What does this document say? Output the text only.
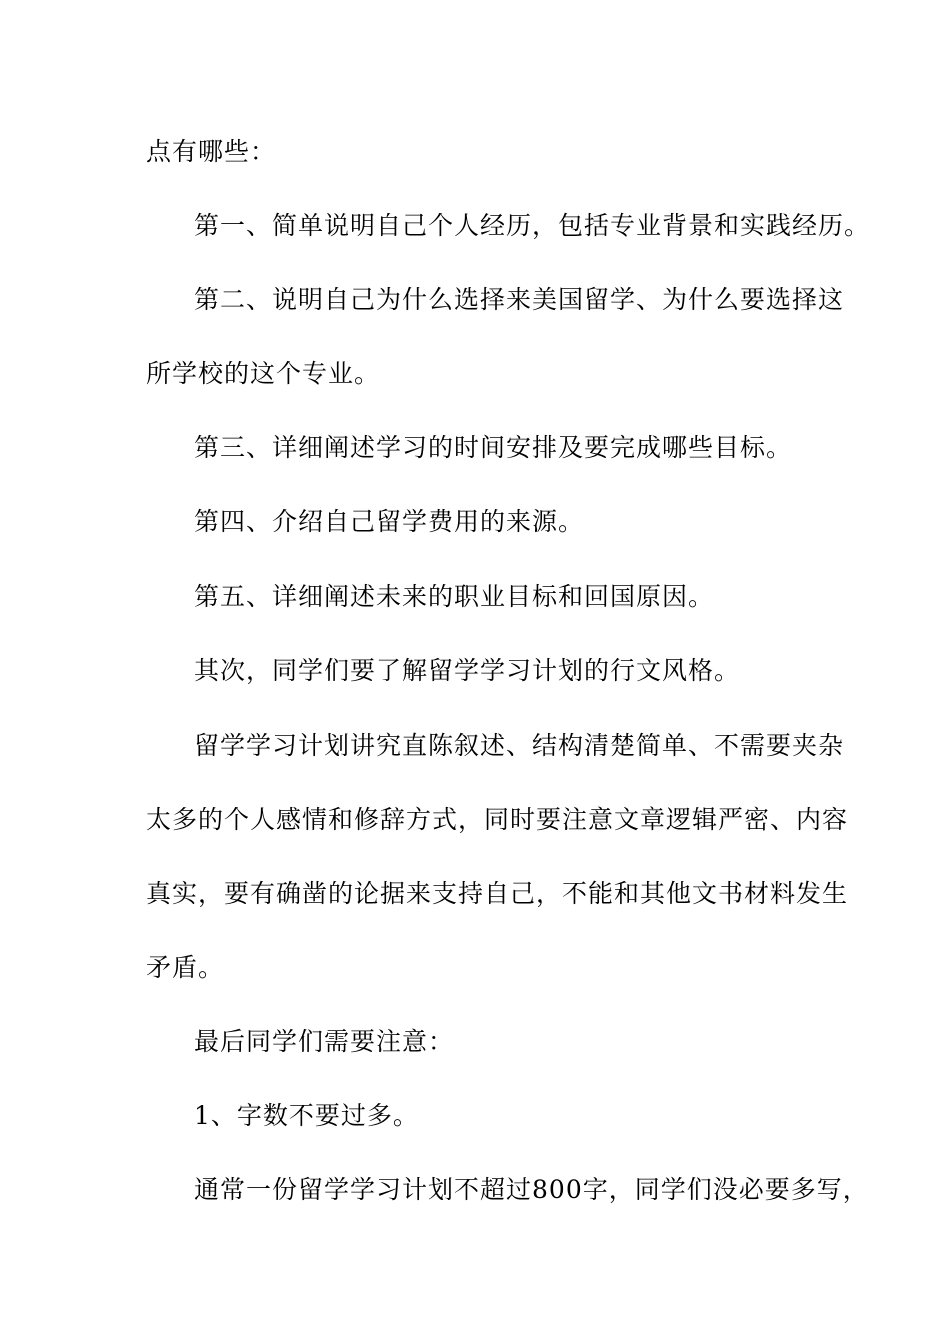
点有哪些：
第一、简单说明自己个人经历，包括专业背景和实践经历。
第二、说明自己为什么选择来美国留学、为什么要选择这
所学校的这个专业。
第三、详细阐述学习的时间安排及要完成哪些目标。
第四、介绍自己留学费用的来源。
第五、详细阐述未来的职业目标和回国原因。
其次，同学们要了解留学学习计划的行文风格。
留学学习计划讲究直陈叙述、结构清楚简单、不需要夹杂
太多的个人感情和修辞方式，同时要注意文章逻辑严密、内容
真实，要有确凿的论据来支持自己，不能和其他文书材料发生
矛盾。
最后同学们需要注意：
1、字数不要过多。
通常一份留学学习计划不超过800字，同学们没必要多写，
